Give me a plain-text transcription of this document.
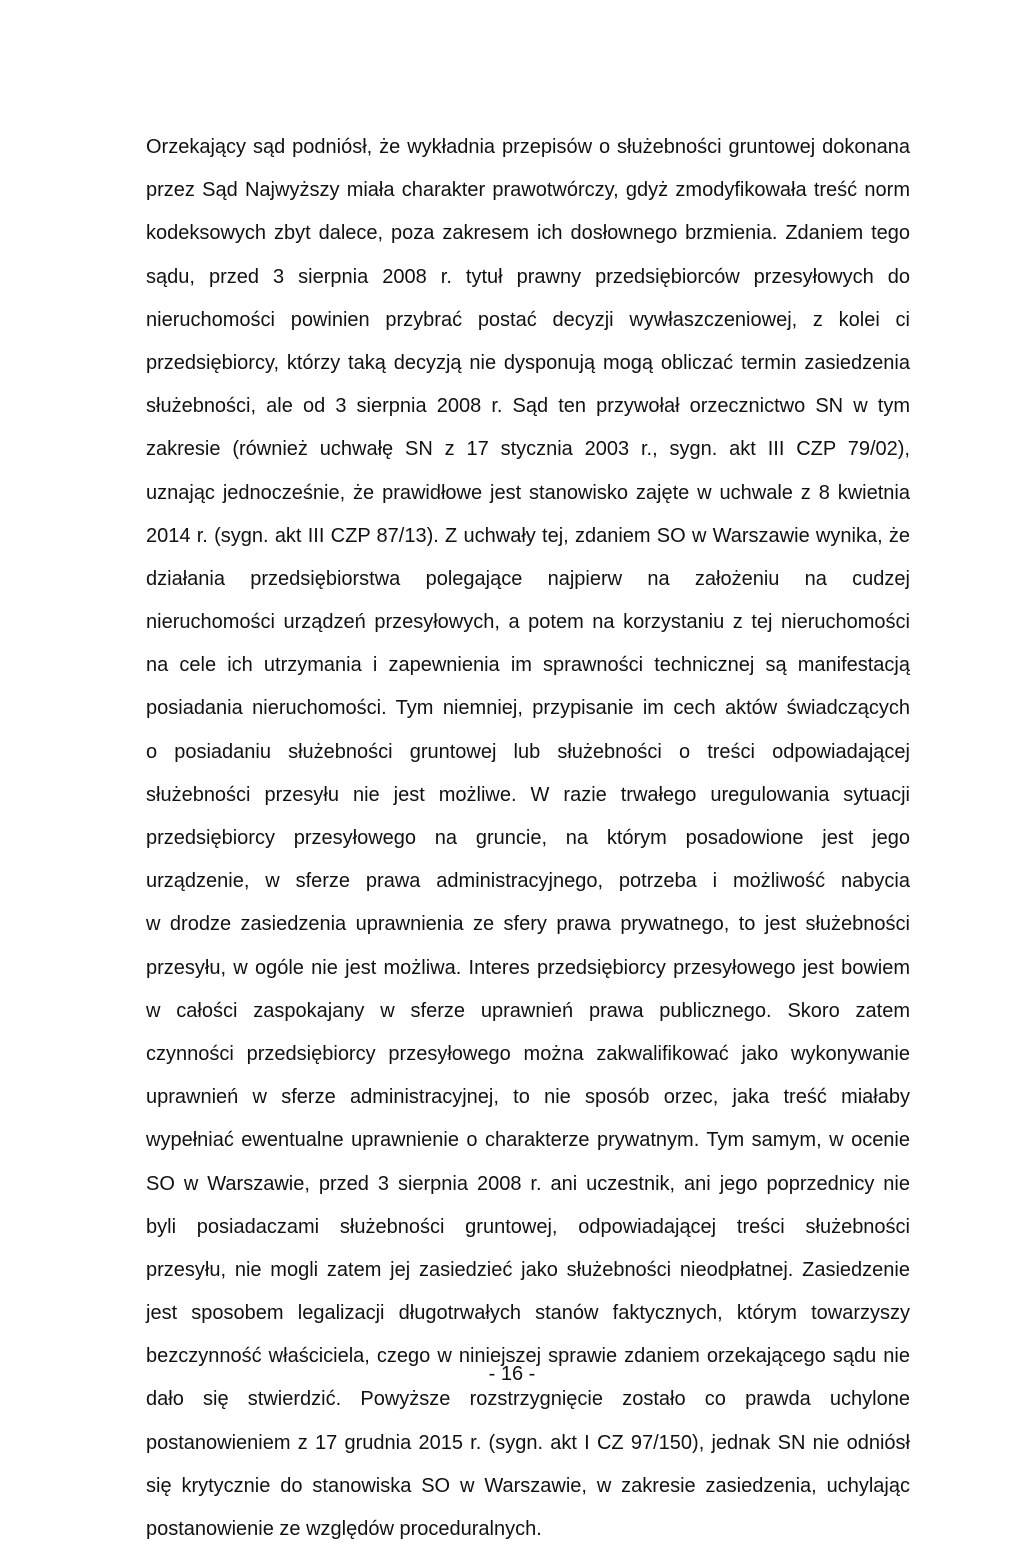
Orzekający sąd podniósł, że wykładnia przepisów o służebności gruntowej dokonana
przez Sąd Najwyższy miała charakter prawotwórczy, gdyż zmodyfikowała treść norm
kodeksowych zbyt dalece, poza zakresem ich dosłownego brzmienia. Zdaniem tego
sądu, przed 3 sierpnia 2008 r. tytuł prawny przedsiębiorców przesyłowych do
nieruchomości powinien przybrać postać decyzji wywłaszczeniowej, z kolei ci
przedsiębiorcy, którzy taką decyzją nie dysponują mogą obliczać termin zasiedzenia
służebności, ale od 3 sierpnia 2008 r. Sąd ten przywołał orzecznictwo SN w tym
zakresie (również uchwałę SN z 17 stycznia 2003 r., sygn. akt III CZP 79/02),
uznając jednocześnie, że prawidłowe jest stanowisko zajęte w uchwale z 8 kwietnia
2014 r. (sygn. akt III CZP 87/13). Z uchwały tej, zdaniem SO w Warszawie wynika, że
działania przedsiębiorstwa polegające najpierw na założeniu na cudzej
nieruchomości urządzeń przesyłowych, a potem na korzystaniu z tej nieruchomości
na cele ich utrzymania i zapewnienia im sprawności technicznej są manifestacją
posiadania nieruchomości. Tym niemniej, przypisanie im cech aktów świadczących
o posiadaniu służebności gruntowej lub służebności o treści odpowiadającej
służebności przesyłu nie jest możliwe. W razie trwałego uregulowania sytuacji
przedsiębiorcy przesyłowego na gruncie, na którym posadowione jest jego
urządzenie, w sferze prawa administracyjnego, potrzeba i możliwość nabycia
w drodze zasiedzenia uprawnienia ze sfery prawa prywatnego, to jest służebności
przesyłu, w ogóle nie jest możliwa. Interes przedsiębiorcy przesyłowego jest bowiem
w całości zaspokajany w sferze uprawnień prawa publicznego. Skoro zatem
czynności przedsiębiorcy przesyłowego można zakwalifikować jako wykonywanie
uprawnień w sferze administracyjnej, to nie sposób orzec, jaka treść miałaby
wypełniać ewentualne uprawnienie o charakterze prywatnym. Tym samym, w ocenie
SO w Warszawie, przed 3 sierpnia 2008 r. ani uczestnik, ani jego poprzednicy nie
byli posiadaczami służebności gruntowej, odpowiadającej treści służebności
przesyłu, nie mogli zatem jej zasiedzieć jako służebności nieodpłatnej. Zasiedzenie
jest sposobem legalizacji długotrwałych stanów faktycznych, którym towarzyszy
bezczynność właściciela, czego w niniejszej sprawie zdaniem orzekającego sądu nie
dało się stwierdzić. Powyższe rozstrzygnięcie zostało co prawda uchylone
postanowieniem z 17 grudnia 2015 r. (sygn. akt I CZ 97/150), jednak SN nie odniósł
się krytycznie do stanowiska SO w Warszawie, w zakresie zasiedzenia, uchylając
postanowienie ze względów proceduralnych.
- 16 -
